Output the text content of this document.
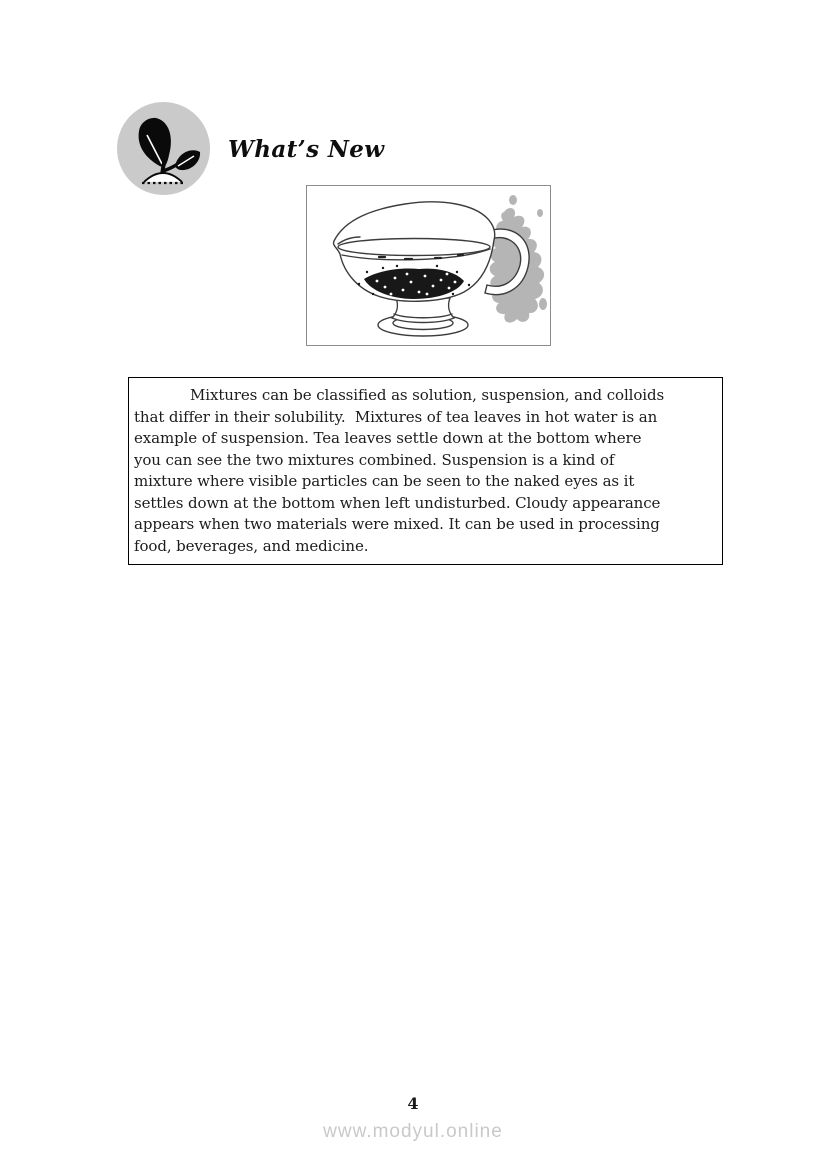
What’s New
Mixtures can be classified as solution, suspension, and colloids
that differ in their solubility.  Mixtures of tea leaves in hot water is an
example of suspension. Tea leaves settle down at the bottom where
you can see the two mixtures combined. Suspension is a kind of
mixture where visible particles can be seen to the naked eyes as it
settles down at the bottom when left undisturbed. Cloudy appearance
appears when two materials were mixed. It can be used in processing
food, beverages, and medicine.
4
www.modyul.online
